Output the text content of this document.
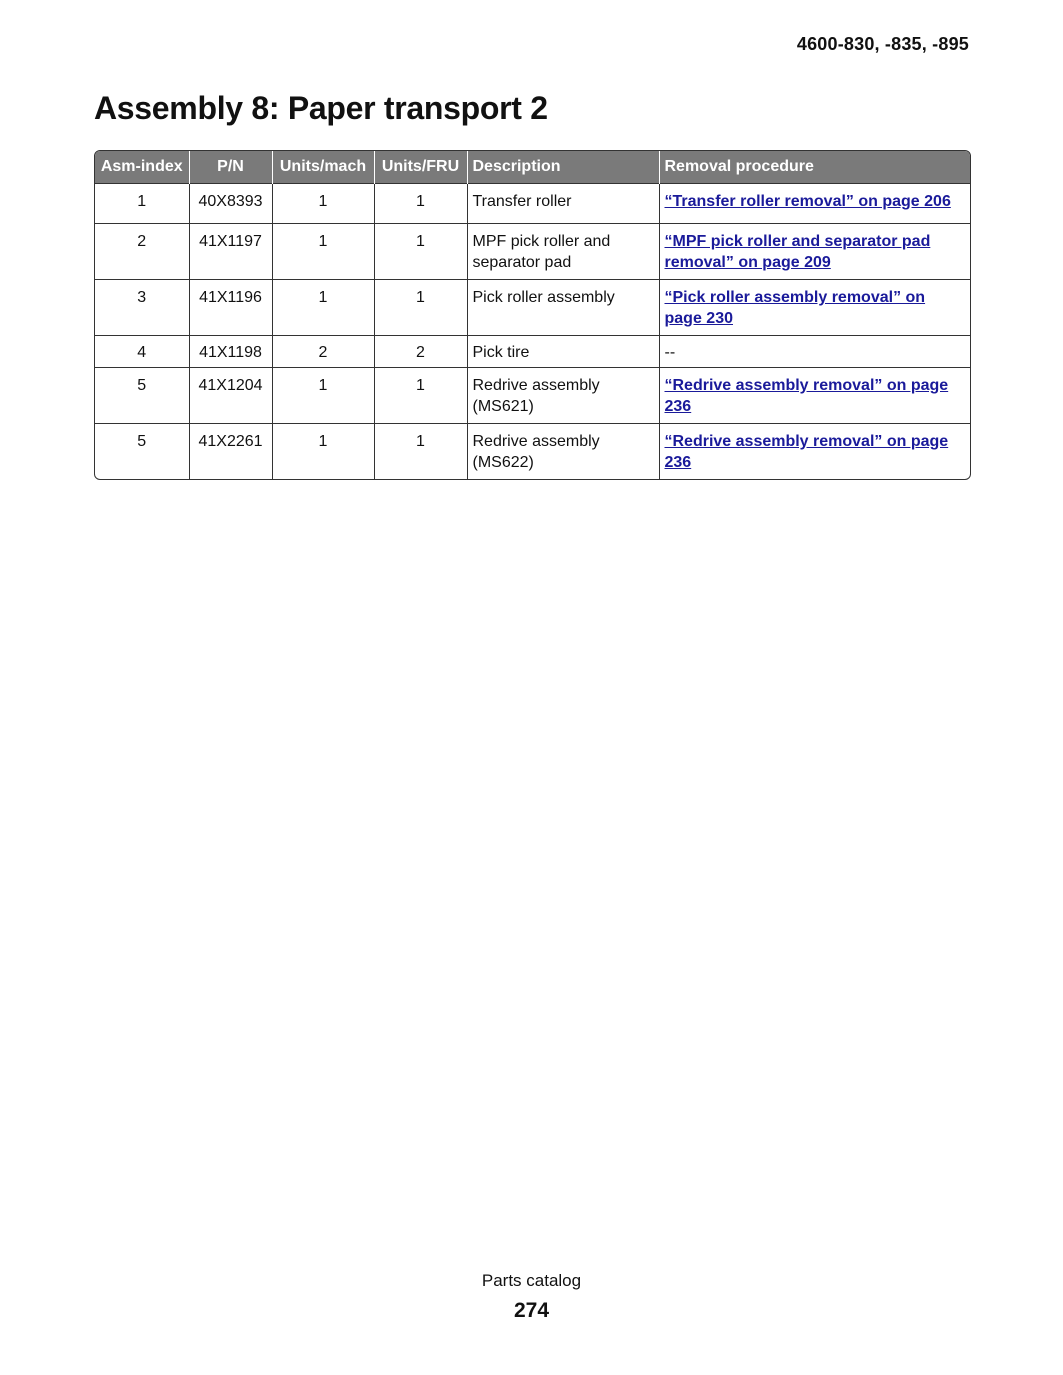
4600-830, -835, -895
Assembly 8: Paper transport 2
Asm-index	P/N	Units/mach	Units/FRU	Description	Removal procedure
1	40X8393	1	1	Transfer roller	“Transfer roller removal” on page 206
2	41X1197	1	1	MPF pick roller and separator pad	“MPF pick roller and separator pad removal” on page 209
3	41X1196	1	1	Pick roller assembly	“Pick roller assembly removal” on page 230
4	41X1198	2	2	Pick tire	--
5	41X1204	1	1	Redrive assembly (MS621)	“Redrive assembly removal” on page 236
5	41X2261	1	1	Redrive assembly (MS622)	“Redrive assembly removal” on page 236
Parts catalog
274
